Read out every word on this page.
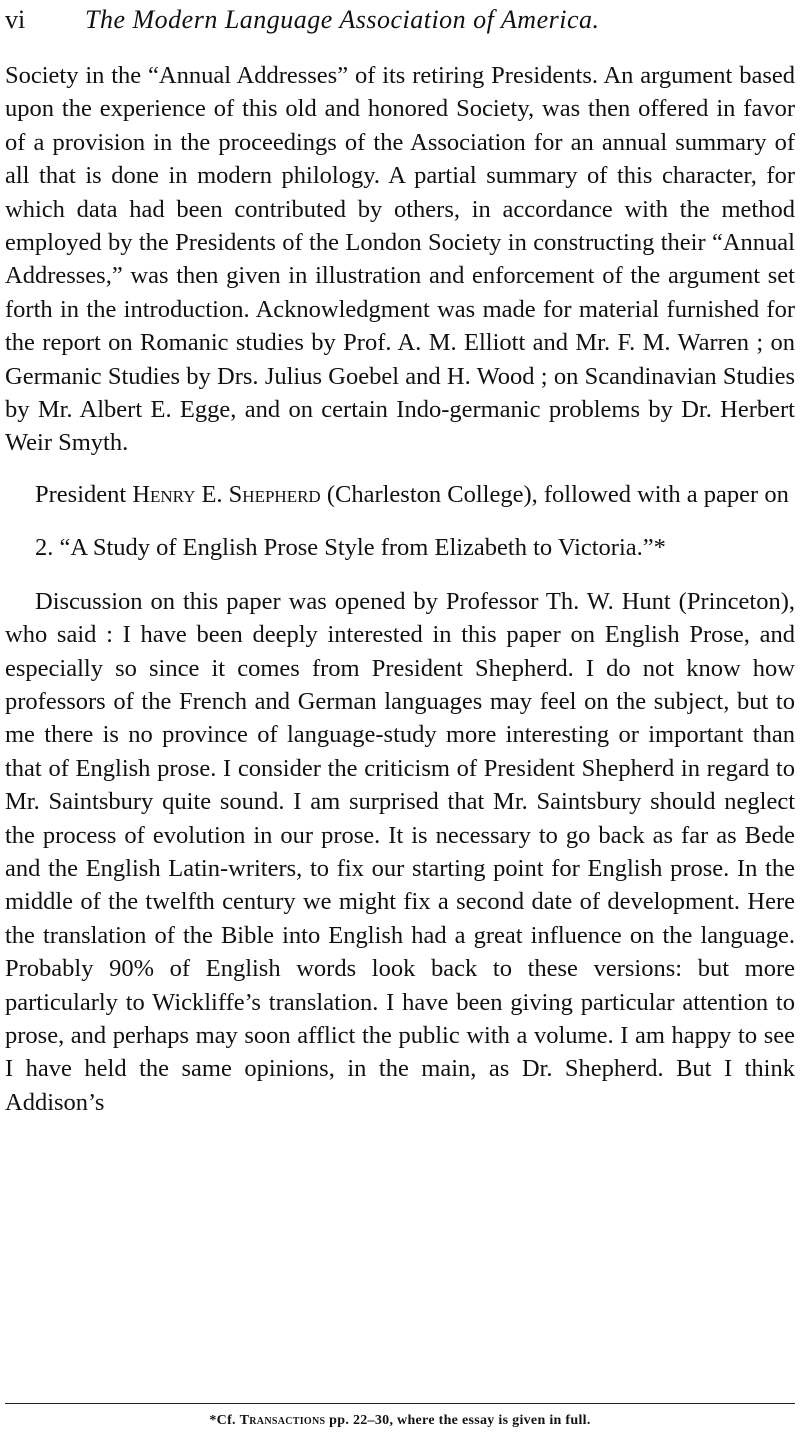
vi The Modern Language Association of America.

Society in the “Annual Addresses” of its retiring Presidents. An argument based upon the experience of this old and honored Society, was then offered in favor of a provision in the proceedings of the Association for an annual summary of all that is done in modern philology. A partial summary of this character, for which data had been contributed by others, in accordance with the method employed by the Presidents of the London Society in constructing their “Annual Addresses,” was then given in illustration and enforcement of the argument set forth in the introduction. Acknowledgment was made for material furnished for the report on Romanic studies by Prof. A. M. Elliott and Mr. F. M. Warren ; on Germanic Studies by Drs. Julius Goebel and H. Wood ; on Scandinavian Studies by Mr. Albert E. Egge, and on certain Indo-germanic problems by Dr. Herbert Weir Smyth.

President Henry E. Shepherd (Charleston College), followed with a paper on

2. “A Study of English Prose Style from Elizabeth to Victoria.”*

Discussion on this paper was opened by Professor Th. W. Hunt (Princeton), who said : I have been deeply interested in this paper on English Prose, and especially so since it comes from President Shepherd. I do not know how professors of the French and German languages may feel on the subject, but to me there is no province of language-study more interesting or important than that of English prose. I consider the criticism of President Shepherd in regard to Mr. Saintsbury quite sound. I am surprised that Mr. Saintsbury should neglect the process of evolution in our prose. It is necessary to go back as far as Bede and the English Latin-writers, to fix our starting point for English prose. In the middle of the twelfth century we might fix a second date of development. Here the translation of the Bible into English had a great influence on the language. Probably 90% of English words look back to these versions: but more particularly to Wickliffe’s translation. I have been giving particular attention to prose, and perhaps may soon afflict the public with a volume. I am happy to see I have held the same opinions, in the main, as Dr. Shepherd. But I think Addison’s

*Cf. Transactions pp. 22–30, where the essay is given in full.
